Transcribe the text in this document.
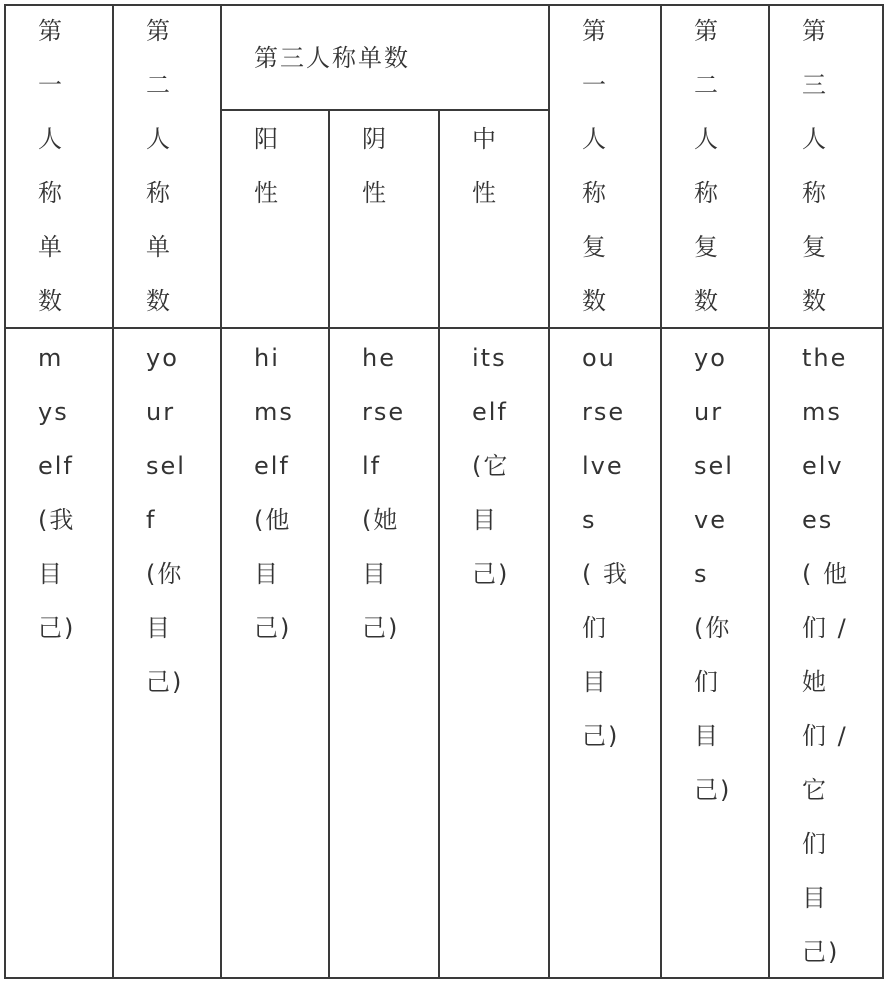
第
一
人
称
单
数
第
二
人
称
单
数
第三人称单数
阳
性
阴
性
中
性
第
一
人
称
复
数
第
二
人
称
复
数
第
三
人
称
复
数
m
ys
elf
(我
目
己)
yo
ur
sel
f
(你
目
己)
hi
ms
elf
(他
目
己)
he
rse
lf
(她
目
己)
its
elf
(它
目
己)
ou
rse
lve
s
( 我
们
目
己)
yo
ur
sel
ve
s
(你
们
目
己)
the
ms
elv
es
( 他
们 /
她
们 /
它
们
目
己)
